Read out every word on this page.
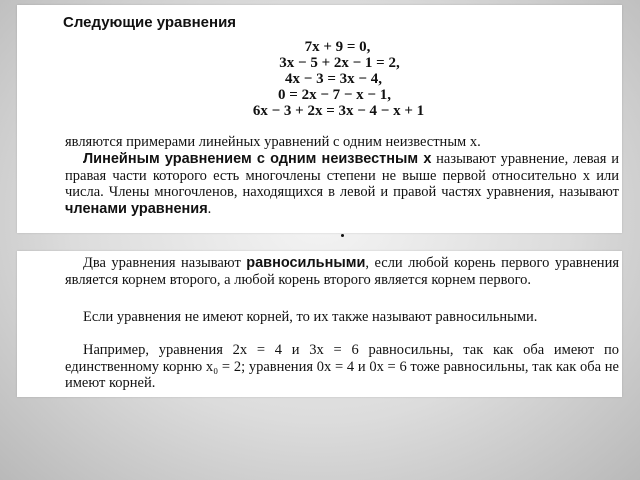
Следующие уравнения
7x + 9 = 0,
3x − 5 + 2x − 1 = 2,
4x − 3 = 3x − 4,
0 = 2x − 7 − x − 1,
6x − 3 + 2x = 3x − 4 − x + 1
являются примерами линейных уравнений с одним неизвестным x.
Линейным уравнением с одним неизвестным x называют уравнение, левая и правая части которого есть многочлены степени не выше первой относительно x или числа. Члены многочленов, находящихся в левой и правой частях уравнения, называют членами уравнения.
Два уравнения называют равносильными, если любой корень первого уравнения является корнем второго, а любой корень второго является корнем первого.
Если уравнения не имеют корней, то их также называют равносильными.
Например, уравнения 2x = 4 и 3x = 6 равносильны, так как оба имеют по единственному корню x₀ = 2; уравнения 0x = 4 и 0x = 6 тоже равносильны, так как оба не имеют корней.
